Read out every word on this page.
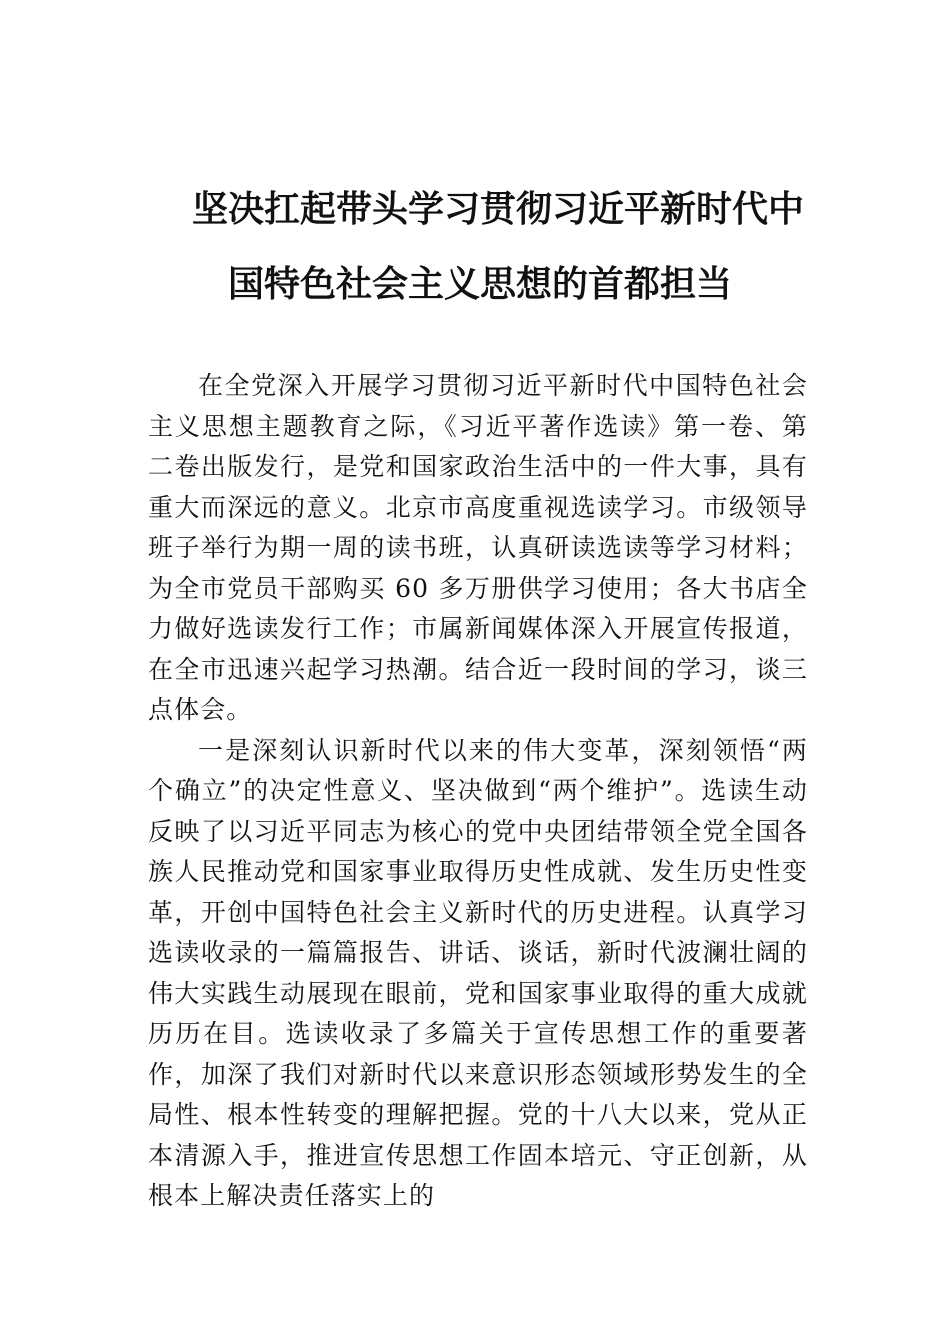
坚决扛起带头学习贯彻习近平新时代中
国特色社会主义思想的首都担当

在全党深入开展学习贯彻习近平新时代中国特色社会主义思想主题教育之际，《习近平著作选读》第一卷、第二卷出版发行，是党和国家政治生活中的一件大事，具有重大而深远的意义。北京市高度重视选读学习。市级领导班子举行为期一周的读书班，认真研读选读等学习材料；为全市党员干部购买 60 多万册供学习使用；各大书店全力做好选读发行工作；市属新闻媒体深入开展宣传报道，在全市迅速兴起学习热潮。结合近一段时间的学习，谈三点体会。

一是深刻认识新时代以来的伟大变革，深刻领悟“两个确立”的决定性意义、坚决做到“两个维护”。选读生动反映了以习近平同志为核心的党中央团结带领全党全国各族人民推动党和国家事业取得历史性成就、发生历史性变革，开创中国特色社会主义新时代的历史进程。认真学习选读收录的一篇篇报告、讲话、谈话，新时代波澜壮阔的伟大实践生动展现在眼前，党和国家事业取得的重大成就历历在目。选读收录了多篇关于宣传思想工作的重要著作，加深了我们对新时代以来意识形态领域形势发生的全局性、根本性转变的理解把握。党的十八大以来，党从正本清源入手，推进宣传思想工作固本培元、守正创新，从根本上解决责任落实上的
